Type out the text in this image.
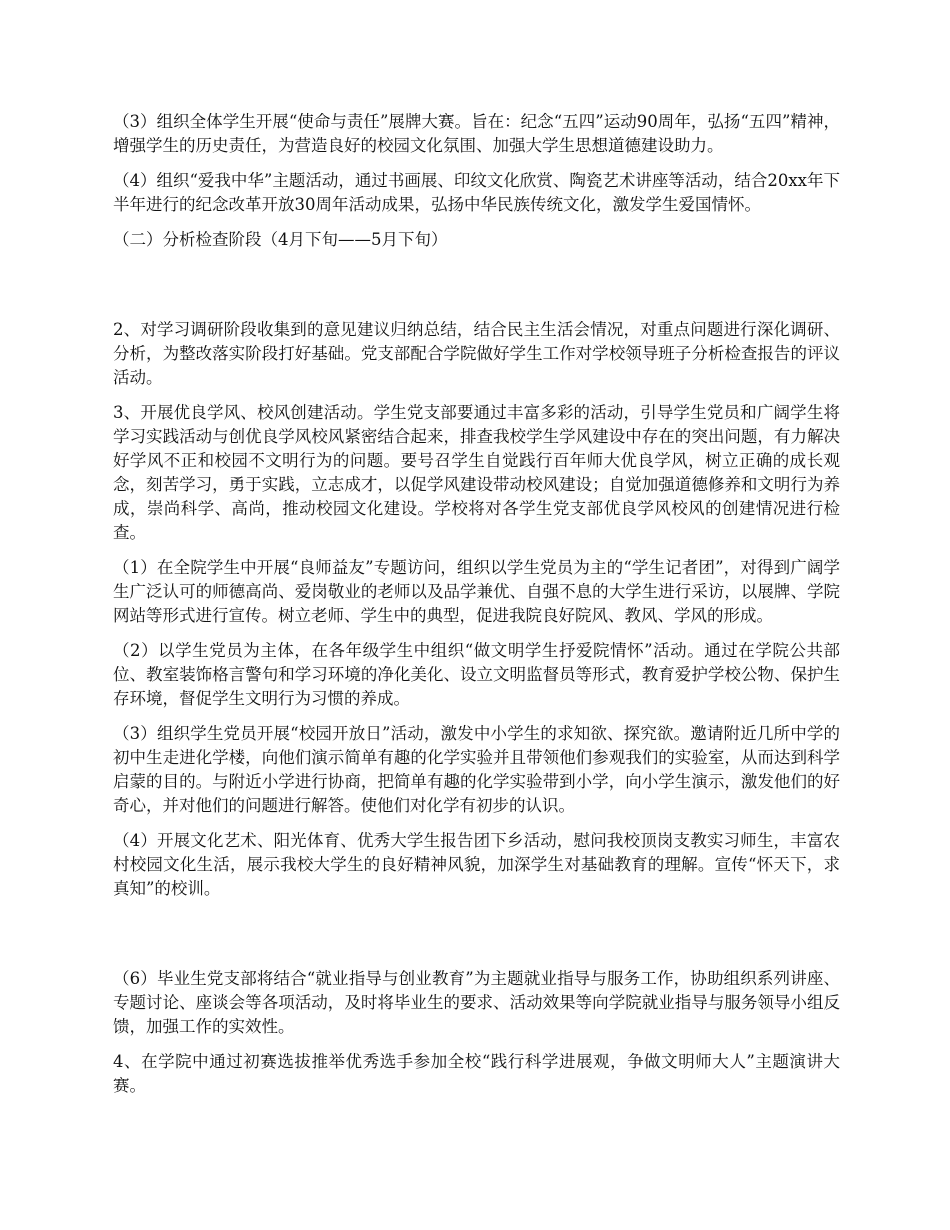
（3）组织全体学生开展“使命与责任”展牌大赛。旨在：纪念“五四”运动90周年，弘扬“五四”精神，增强学生的历史责任，为营造良好的校园文化氛围、加强大学生思想道德建设助力。

（4）组织“爱我中华”主题活动，通过书画展、印纹文化欣赏、陶瓷艺术讲座等活动，结合20xx年下半年进行的纪念改革开放30周年活动成果，弘扬中华民族传统文化，激发学生爱国情怀。

（二）分析检查阶段（4月下旬——5月下旬）

2、对学习调研阶段收集到的意见建议归纳总结，结合民主生活会情况，对重点问题进行深化调研、分析，为整改落实阶段打好基础。党支部配合学院做好学生工作对学校领导班子分析检查报告的评议活动。

3、开展优良学风、校风创建活动。学生党支部要通过丰富多彩的活动，引导学生党员和广阔学生将学习实践活动与创优良学风校风紧密结合起来，排查我校学生学风建设中存在的突出问题，有力解决好学风不正和校园不文明行为的问题。要号召学生自觉践行百年师大优良学风，树立正确的成长观念，刻苦学习，勇于实践，立志成才，以促学风建设带动校风建设；自觉加强道德修养和文明行为养成，崇尚科学、高尚，推动校园文化建设。学校将对各学生党支部优良学风校风的创建情况进行检查。

（1）在全院学生中开展“良师益友”专题访问，组织以学生党员为主的“学生记者团”，对得到广阔学生广泛认可的师德高尚、爱岗敬业的老师以及品学兼优、自强不息的大学生进行采访，以展牌、学院网站等形式进行宣传。树立老师、学生中的典型，促进我院良好院风、教风、学风的形成。

（2）以学生党员为主体，在各年级学生中组织“做文明学生抒爱院情怀”活动。通过在学院公共部位、教室装饰格言警句和学习环境的净化美化、设立文明监督员等形式，教育爱护学校公物、保护生存环境，督促学生文明行为习惯的养成。

（3）组织学生党员开展“校园开放日”活动，激发中小学生的求知欲、探究欲。邀请附近几所中学的初中生走进化学楼，向他们演示简单有趣的化学实验并且带领他们参观我们的实验室，从而达到科学启蒙的目的。与附近小学进行协商，把简单有趣的化学实验带到小学，向小学生演示，激发他们的好奇心，并对他们的问题进行解答。使他们对化学有初步的认识。

（4）开展文化艺术、阳光体育、优秀大学生报告团下乡活动，慰问我校顶岗支教实习师生，丰富农村校园文化生活，展示我校大学生的良好精神风貌，加深学生对基础教育的理解。宣传“怀天下，求真知”的校训。

（6）毕业生党支部将结合“就业指导与创业教育”为主题就业指导与服务工作，协助组织系列讲座、专题讨论、座谈会等各项活动，及时将毕业生的要求、活动效果等向学院就业指导与服务领导小组反馈，加强工作的实效性。

4、在学院中通过初赛选拔推举优秀选手参加全校“践行科学进展观，争做文明师大人”主题演讲大赛。
